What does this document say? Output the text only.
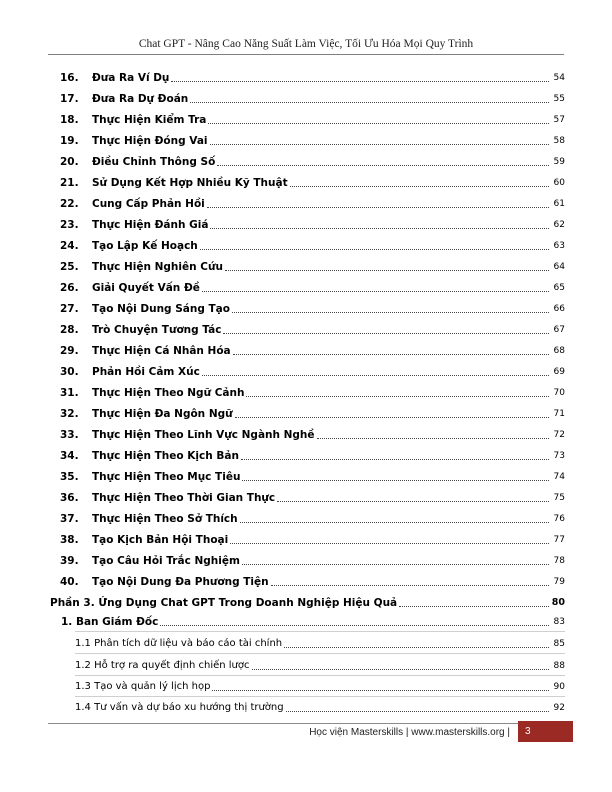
Chat GPT - Nâng Cao Năng Suất Làm Việc, Tối Ưu Hóa Mọi Quy Trình
16.	Đưa Ra Ví Dụ	54
17.	Đưa Ra Dự Đoán	55
18.	Thực Hiện Kiểm Tra	57
19.	Thực Hiện Đóng Vai	58
20.	Điều Chỉnh Thông Số	59
21.	Sử Dụng Kết Hợp Nhiều Kỹ Thuật	60
22.	Cung Cấp Phản Hồi	61
23.	Thực Hiện Đánh Giá	62
24.	Tạo Lập Kế Hoạch	63
25.	Thực Hiện Nghiên Cứu	64
26.	Giải Quyết Vấn Đề	65
27.	Tạo Nội Dung Sáng Tạo	66
28.	Trò Chuyện Tương Tác	67
29.	Thực Hiện Cá Nhân Hóa	68
30.	Phản Hồi Cảm Xúc	69
31.	Thực Hiện Theo Ngữ Cảnh	70
32.	Thực Hiện Đa Ngôn Ngữ	71
33.	Thực Hiện Theo Lĩnh Vực Ngành Nghề	72
34.	Thực Hiện Theo Kịch Bản	73
35.	Thực Hiện Theo Mục Tiêu	74
36.	Thực Hiện Theo Thời Gian Thực	75
37.	Thực Hiện Theo Sở Thích	76
38.	Tạo Kịch Bản Hội Thoại	77
39.	Tạo Câu Hỏi Trắc Nghiệm	78
40.	Tạo Nội Dung Đa Phương Tiện	79
Phần 3. Ứng Dụng Chat GPT Trong Doanh Nghiệp Hiệu Quả	80
1. Ban Giám Đốc	83
1.1 Phân tích dữ liệu và báo cáo tài chính	85
1.2 Hỗ trợ ra quyết định chiến lược	88
1.3 Tạo và quản lý lịch họp	90
1.4 Tư vấn và dự báo xu hướng thị trường	92
Học viện Masterskills | www.masterskills.org |	3
